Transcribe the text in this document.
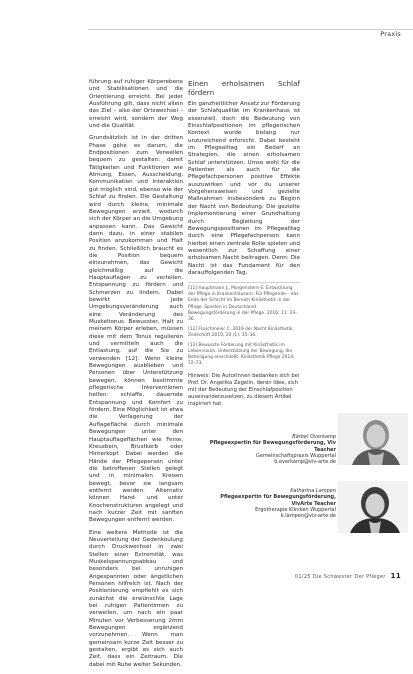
Praxis

führung auf ruhiger Körperebene und Stabilisationen und die Orientierung erreicht. Bei jeder Ausführung gilt, dass nicht allein das Ziel – also der Ortswechsel – erreicht wird, sondern der Weg und die Qualität.

Grundsätzlich ist in der dritten Phase gehe es darum, die Endpositionen zum Verweilen bequem zu gestalten: damit Tätigkeiten und Funktionen wie Atmung, Essen, Ausscheidung, Kommunikation und Interaktion gut möglich sind, ebenso wie der Schlaf zu finden. Die Gestaltung wird durch kleine, minimale Bewegungen erzielt, wodurch sich der Körper an die Umgebung anpassen kann. Das Gewicht dann dazu, in einer stabilen Position anzukommen und Halt zu finden. Schließlich braucht es die Position bequem einzunehmen, das Gewicht gleichmäßig auf die Hauptauflagen zu verteilen, Entspannung zu fördern und Schmerzen zu lindern. Dabei bewirkt jede Umgebungsveränderung auch eine Veränderung des Muskeltonus. Bewusster, Halt zu meinem Körper erleben, müssen diese mit dem Tonus regulieren und vermitteln auch die Entlastung, auf die Sie zu verwenden [12]. Wenn kleine Bewegungen ausblieben und Personen über Unterstützung bewegen, können bestimmte pflegerische Interventionen helfen: schlaffe, dauernde Entspannung und Komfort zu fördern. Eine Möglichkeit ist etwa die Verlagerung der Auflagefläche durch minimale Bewegungen unter den Hauptauflageflächen wie Ferse, Kreuzbein, Brustkorb oder Hinterkopf. Dabei werden die Hände der Pflegeperson unter die betroffenen Stellen gelegt und in minimalen Kreisen bewegt, bevor sie langsam entfernt werden. Alternativ können Hand- und unter Knochenstrukturen angelegt und nach kurzer Zeit mit sanften Bewegungen entfernt werden.

Eine weitere Methode ist die Neuverteilung der Gedenkoulung durch Druckwechsel in zwei Stellen einer Extremität, was Muskelspannungsabbau und besonders bei unruhigen Angespannten oder ängstlichen Personen hilfreich ist. Nach der Positionierung empfiehlt es sich zunächst die erwünschte Lage bei ruhigen Patientinnen zu verweilen, um nach ein paar Minuten vor Verbesserung 2mm Bewegungen ergänzend vorzunehmen. Wenn man gemeinsam kurze Zeit besser zu gestalten, ergibt es sich auch Zeit, dass ein Zeitraum. Die dabei mit Ruhe weiter Sekunden.

Einen erholsamen Schlaf fördern

Ein ganzheitlicher Ansatz zur Förderung der Schlafqualität im Krankenhaus ist essenziell, doch die Bedeutung von Einschlafpositionen im pflegerischen Kontext wurde bislang nur unzureichend erforscht. Dabei besteht im Pflegealltag ein Bedarf an Strategien, die einen erholsamen Schlaf unterstützen. Umso wohl für die Patienten als auch für die Pflegefachpersonen positive Effekte auszuwirken und vor du unserer Vorgehensweisen und gezielte Maßnahmen insbesondere zu Beginn der Nacht von Bedeutung. Die gezielte Implementierung einer Grundhaltung durch Begleitung der Bewegungspositionen im Pflegealltag durch eine Pflegefachperson kann hierbei einen zentrale Rolle spielen und wesentlich zur Schaffung einer erholsamen Nacht beitragen. Denn: Die Nacht ist das Fundament für den darauffolgenden Tag.

[11] Hauptmann J., Morgenstern S. Entwicklung der Pflege in Krankenhäusern. Für Pflegende – das Ende der Schicht im Bereich Kinästhetik in der Pflege. Sparten in Deutschland. Bewegungsförderung in der Pflege. 2016; 11: 33–36.

[12] Froschmeier C. 2019 der Nacht Kinästhetik. Zeitschrift 2015, 20 (1): 35–36.

[13] Bewusste Förderung mit Kinästhetik im Lebensraum. Unterstützung der Bewegung, die Beteiligung einschließt. Kinästhetik Pflege 2014; 72–73.

Hinweis: Die Autorinnen bedanken sich bei Prof. Dr. Angelika Zegelin, deren Idee, sich mit der Bedeutung der Einschlafposition auseinanderzusetzen, zu diesem Artikel inspiriert hat.
Bärbel Overkamp
Pflegeexpertin für Bewegungsförderung, Viv Teacher
Gemeinschaftspraxis Wuppertal
b.overkamp@viv-arte.de
Katharina Lampen
Pflegeexpertin für Bewegungsförderung, VivArte Teacher
Ergotherapie Kliniken Wuppertal
k.lampen@viv-arte.de
01/25 Die Schwester Der Pfleger 11
